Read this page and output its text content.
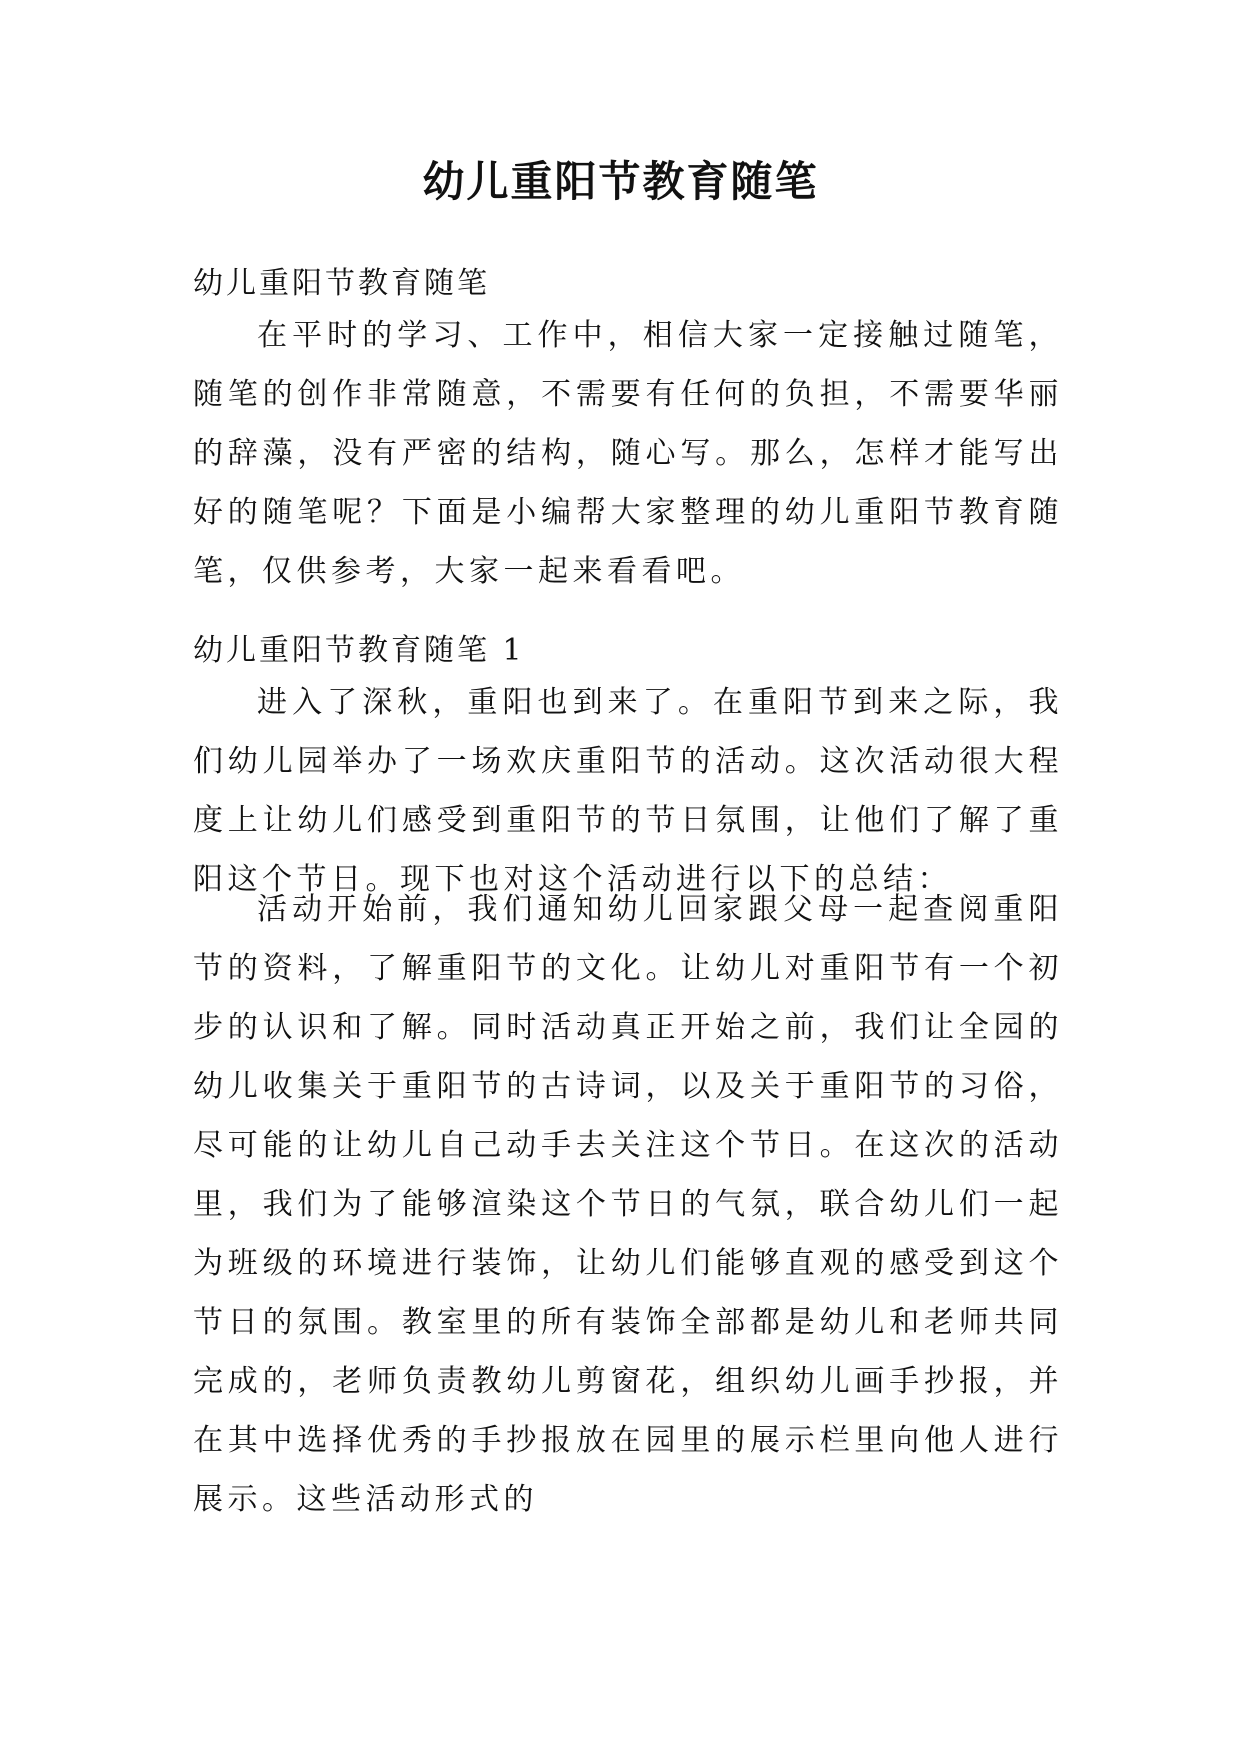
幼儿重阳节教育随笔

幼儿重阳节教育随笔

在平时的学习、工作中，相信大家一定接触过随笔，随笔的创作非常随意，不需要有任何的负担，不需要华丽的辞藻，没有严密的结构，随心写。那么，怎样才能写出好的随笔呢？下面是小编帮大家整理的幼儿重阳节教育随笔，仅供参考，大家一起来看看吧。

幼儿重阳节教育随笔 1

进入了深秋，重阳也到来了。在重阳节到来之际，我们幼儿园举办了一场欢庆重阳节的活动。这次活动很大程度上让幼儿们感受到重阳节的节日氛围，让他们了解了重阳这个节日。现下也对这个活动进行以下的总结：

活动开始前，我们通知幼儿回家跟父母一起查阅重阳节的资料，了解重阳节的文化。让幼儿对重阳节有一个初步的认识和了解。同时活动真正开始之前，我们让全园的幼儿收集关于重阳节的古诗词，以及关于重阳节的习俗，尽可能的让幼儿自己动手去关注这个节日。在这次的活动里，我们为了能够渲染这个节日的气氛，联合幼儿们一起为班级的环境进行装饰，让幼儿们能够直观的感受到这个节日的氛围。教室里的所有装饰全部都是幼儿和老师共同完成的，老师负责教幼儿剪窗花，组织幼儿画手抄报，并在其中选择优秀的手抄报放在园里的展示栏里向他人进行展示。这些活动形式的
